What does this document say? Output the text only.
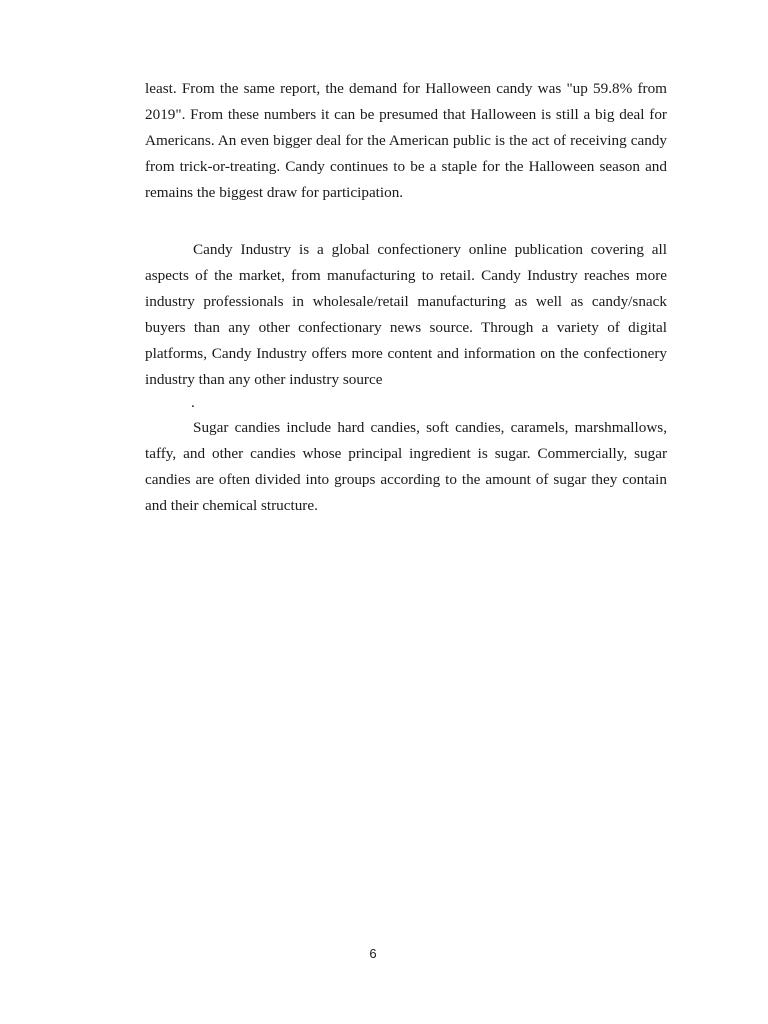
least. From the same report, the demand for Halloween candy was "up 59.8% from 2019". From these numbers it can be presumed that Halloween is still a big deal for Americans. An even bigger deal for the American public is the act of receiving candy from trick-or-treating. Candy continues to be a staple for the Halloween season and remains the biggest draw for participation.

Candy Industry is a global confectionery online publication covering all aspects of the market, from manufacturing to retail. Candy Industry reaches more industry professionals in wholesale/retail manufacturing as well as candy/snack buyers than any other confectionary news source. Through a variety of digital platforms, Candy Industry offers more content and information on the confectionery industry than any other industry source

.

Sugar candies include hard candies, soft candies, caramels, marshmallows, taffy, and other candies whose principal ingredient is sugar. Commercially, sugar candies are often divided into groups according to the amount of sugar they contain and their chemical structure.

6
